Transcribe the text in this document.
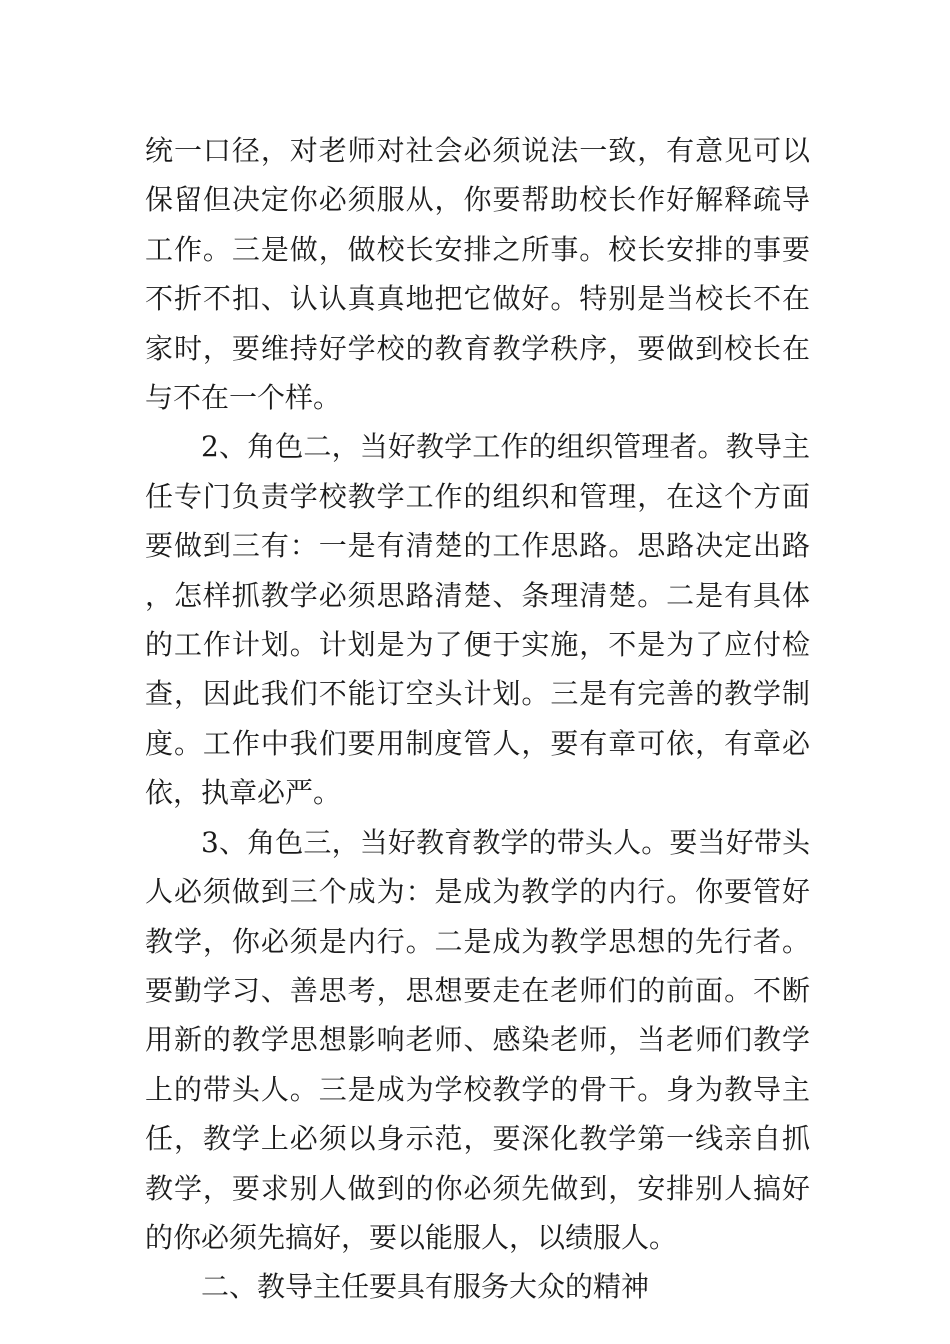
统一口径，对老师对社会必须说法一致，有意见可以保留但决定你必须服从，你要帮助校长作好解释疏导工作。三是做，做校长安排之所事。校长安排的事要不折不扣、认认真真地把它做好。特别是当校长不在家时，要维持好学校的教育教学秩序，要做到校长在与不在一个样。

2、角色二，当好教学工作的组织管理者。教导主任专门负责学校教学工作的组织和管理，在这个方面要做到三有：一是有清楚的工作思路。思路决定出路，怎样抓教学必须思路清楚、条理清楚。二是有具体的工作计划。计划是为了便于实施，不是为了应付检查，因此我们不能订空头计划。三是有完善的教学制度。工作中我们要用制度管人，要有章可依，有章必依，执章必严。

3、角色三，当好教育教学的带头人。要当好带头人必须做到三个成为：是成为教学的内行。你要管好教学，你必须是内行。二是成为教学思想的先行者。要勤学习、善思考，思想要走在老师们的前面。不断用新的教学思想影响老师、感染老师，当老师们教学上的带头人。三是成为学校教学的骨干。身为教导主任，教学上必须以身示范，要深化教学第一线亲自抓教学，要求别人做到的你必须先做到，安排别人搞好的你必须先搞好，要以能服人，以绩服人。

二、教导主任要具有服务大众的精神
